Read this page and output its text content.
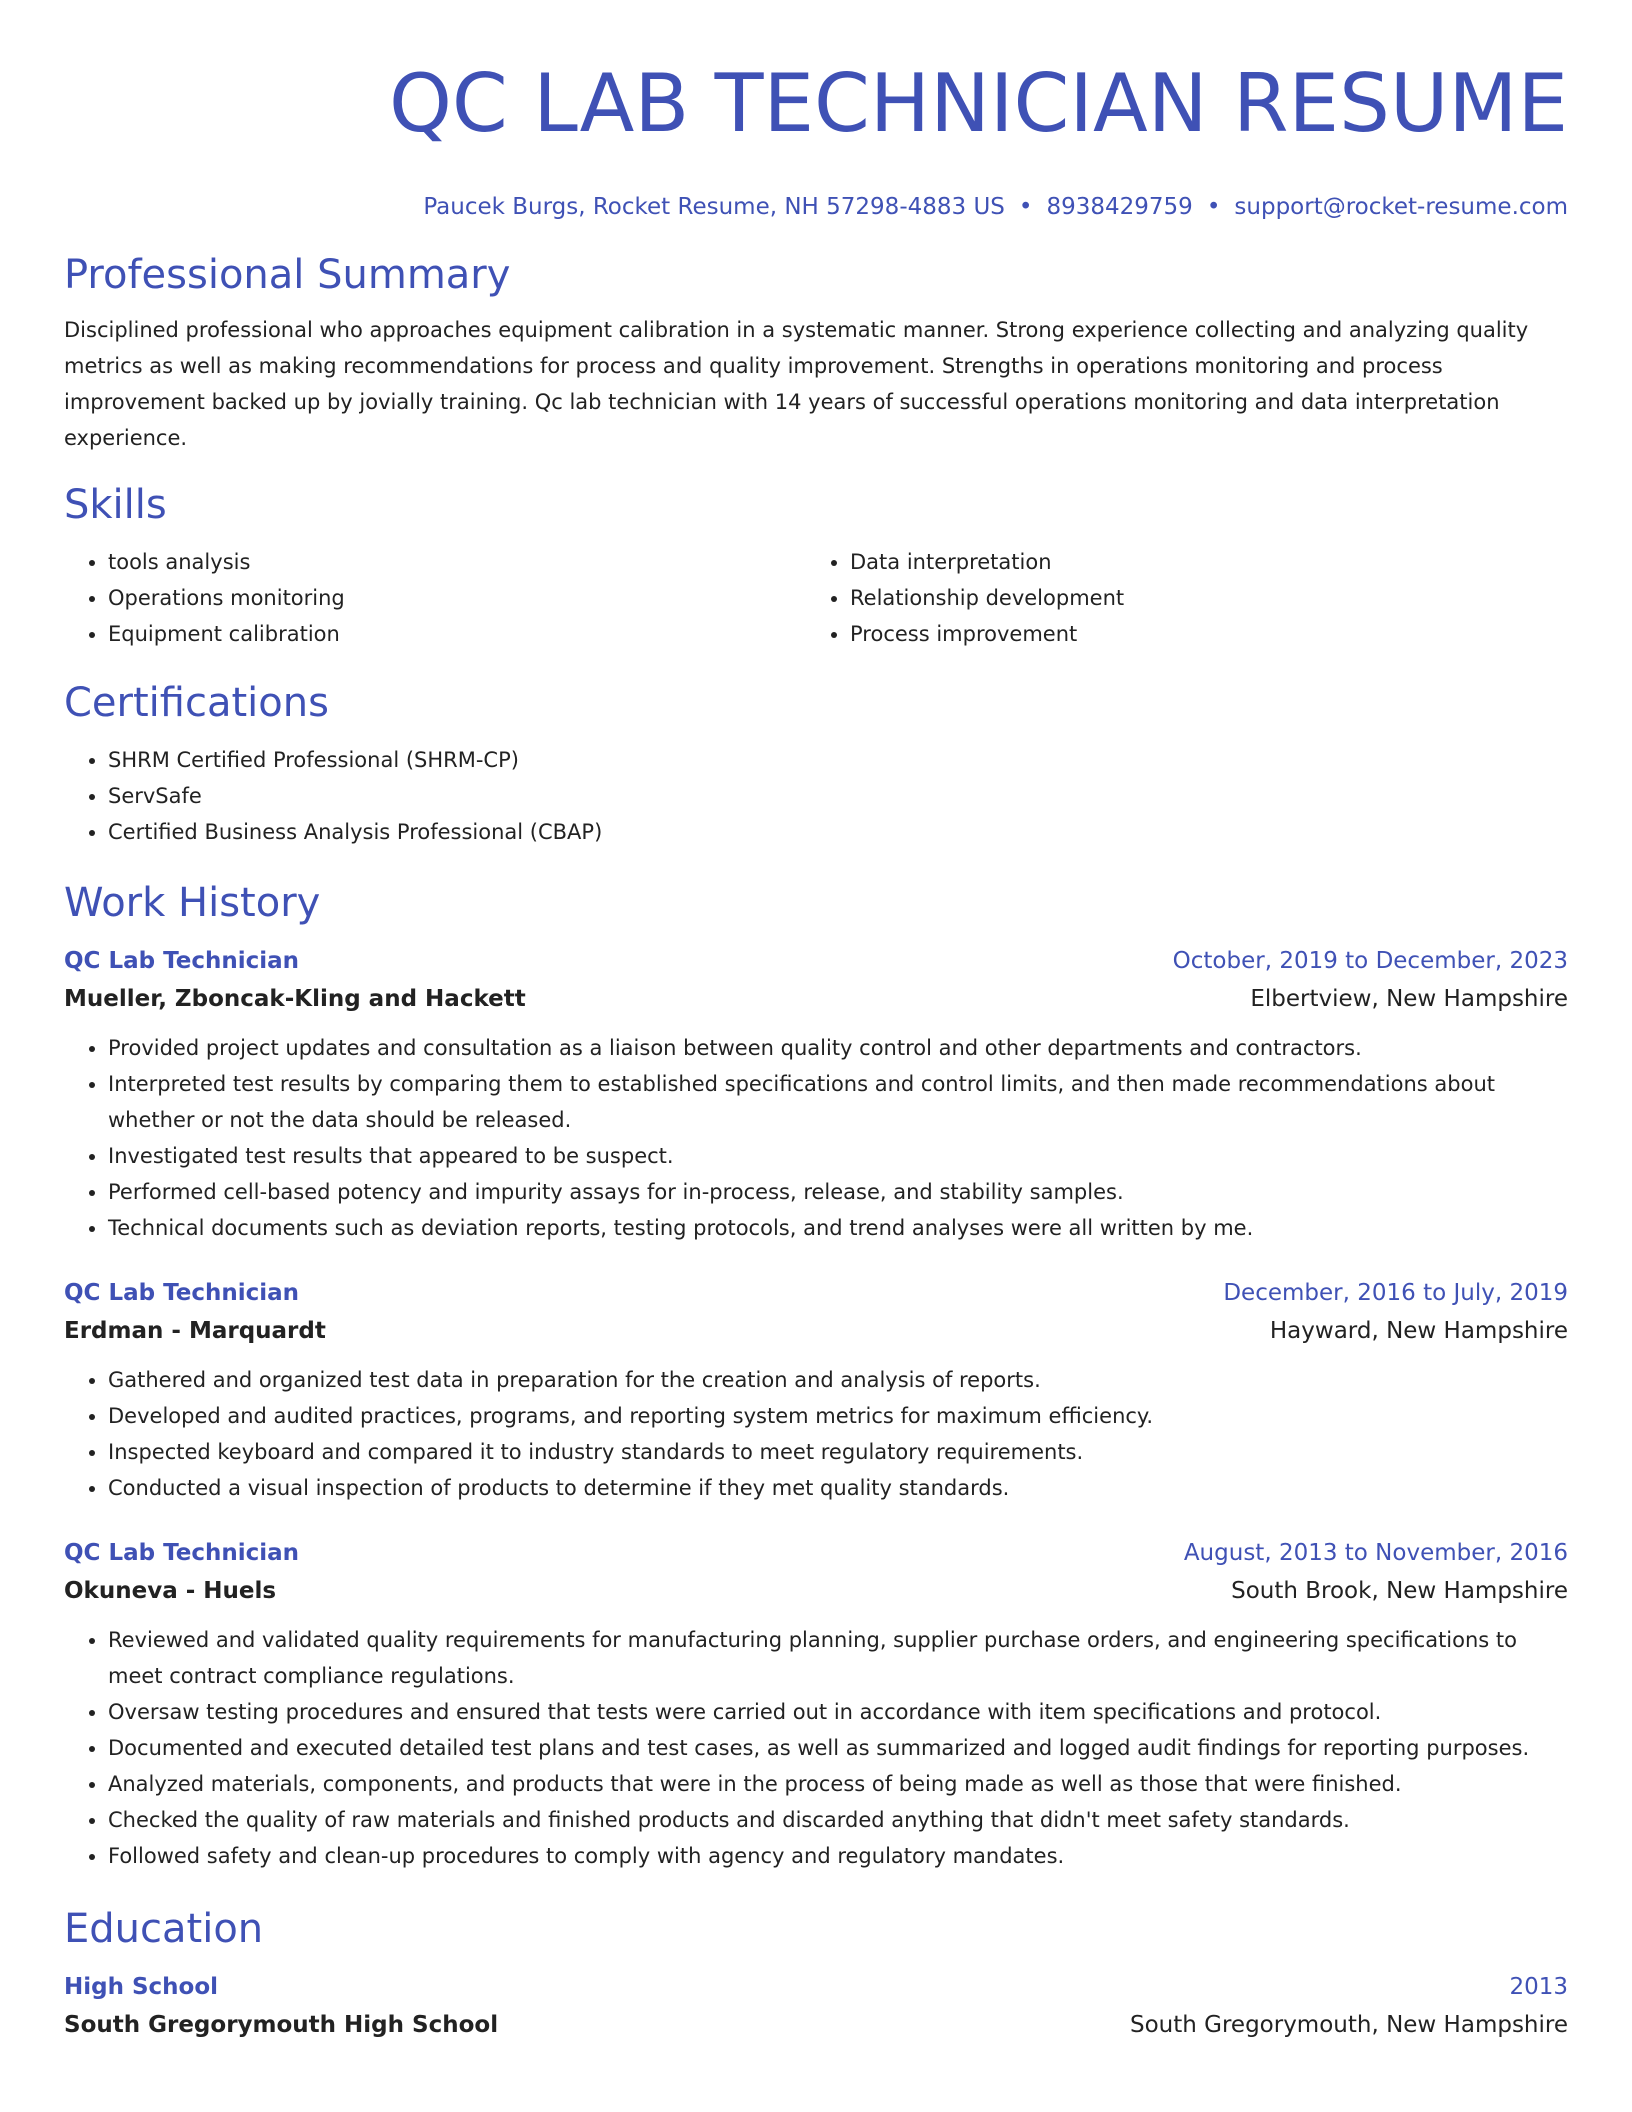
QC LAB TECHNICIAN RESUME
Paucek Burgs, Rocket Resume, NH 57298-4883 US • 8938429759 • support@rocket-resume.com
Professional Summary
Disciplined professional who approaches equipment calibration in a systematic manner. Strong experience collecting and analyzing quality metrics as well as making recommendations for process and quality improvement. Strengths in operations monitoring and process improvement backed up by jovially training. Qc lab technician with 14 years of successful operations monitoring and data interpretation experience.
Skills
• tools analysis
• Operations monitoring
• Equipment calibration
• Data interpretation
• Relationship development
• Process improvement
Certifications
• SHRM Certified Professional (SHRM-CP)
• ServSafe
• Certified Business Analysis Professional (CBAP)
Work History
QC Lab Technician	October, 2019 to December, 2023
Mueller, Zboncak-Kling and Hackett	Elbertview, New Hampshire
• Provided project updates and consultation as a liaison between quality control and other departments and contractors.
• Interpreted test results by comparing them to established specifications and control limits, and then made recommendations about whether or not the data should be released.
• Investigated test results that appeared to be suspect.
• Performed cell-based potency and impurity assays for in-process, release, and stability samples.
• Technical documents such as deviation reports, testing protocols, and trend analyses were all written by me.
QC Lab Technician	December, 2016 to July, 2019
Erdman - Marquardt	Hayward, New Hampshire
• Gathered and organized test data in preparation for the creation and analysis of reports.
• Developed and audited practices, programs, and reporting system metrics for maximum efficiency.
• Inspected keyboard and compared it to industry standards to meet regulatory requirements.
• Conducted a visual inspection of products to determine if they met quality standards.
QC Lab Technician	August, 2013 to November, 2016
Okuneva - Huels	South Brook, New Hampshire
• Reviewed and validated quality requirements for manufacturing planning, supplier purchase orders, and engineering specifications to meet contract compliance regulations.
• Oversaw testing procedures and ensured that tests were carried out in accordance with item specifications and protocol.
• Documented and executed detailed test plans and test cases, as well as summarized and logged audit findings for reporting purposes.
• Analyzed materials, components, and products that were in the process of being made as well as those that were finished.
• Checked the quality of raw materials and finished products and discarded anything that didn't meet safety standards.
• Followed safety and clean-up procedures to comply with agency and regulatory mandates.
Education
High School	2013
South Gregorymouth High School	South Gregorymouth, New Hampshire
